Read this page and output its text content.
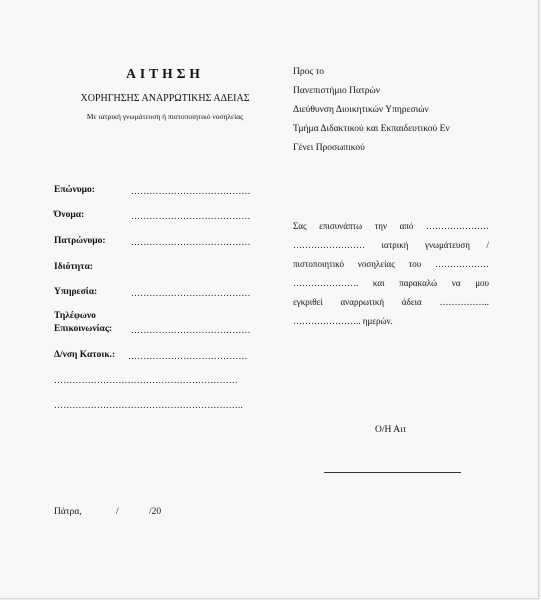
ΑΙΤΗΣΗ
ΧΟΡΗΓΗΣΗΣ ΑΝΑΡΡΩΤΙΚΗΣ ΑΔΕΙΑΣ
Με ιατρική γνωμάτευση ή πιστοποιητικό νοσηλείας
Προς το
Πανεπιστήμιο Πατρών
Διεύθυνση Διοικητικών Υπηρεσιών
Τμήμα Διδακτικού και Εκπαιδευτικού Εν
Γένει Προσωπικού
Επώνυμο:	…………………………………
Όνομα:	…………………………………
Πατρώνυμο:	…………………………………
Ιδιότητα:
Υπηρεσία:	…………………………………
Τηλέφωνο
Επικοινωνίας: …………………………………
Δ/νση Κατοικ.: …………………………………
……………………………………………………
……………………………………………………..
Σας επισυνάπτω την από …………………
…………………… ιατρική γνωμάτευση /
πιστοποιητικό νοσηλείας του ………………
…………………. και παρακαλώ να μου
εγκριθεί αναρρωτική άδεια ……………..
………………….. ημερών.
Ο/Η Αιτ
Πάτρα,	/	/20
